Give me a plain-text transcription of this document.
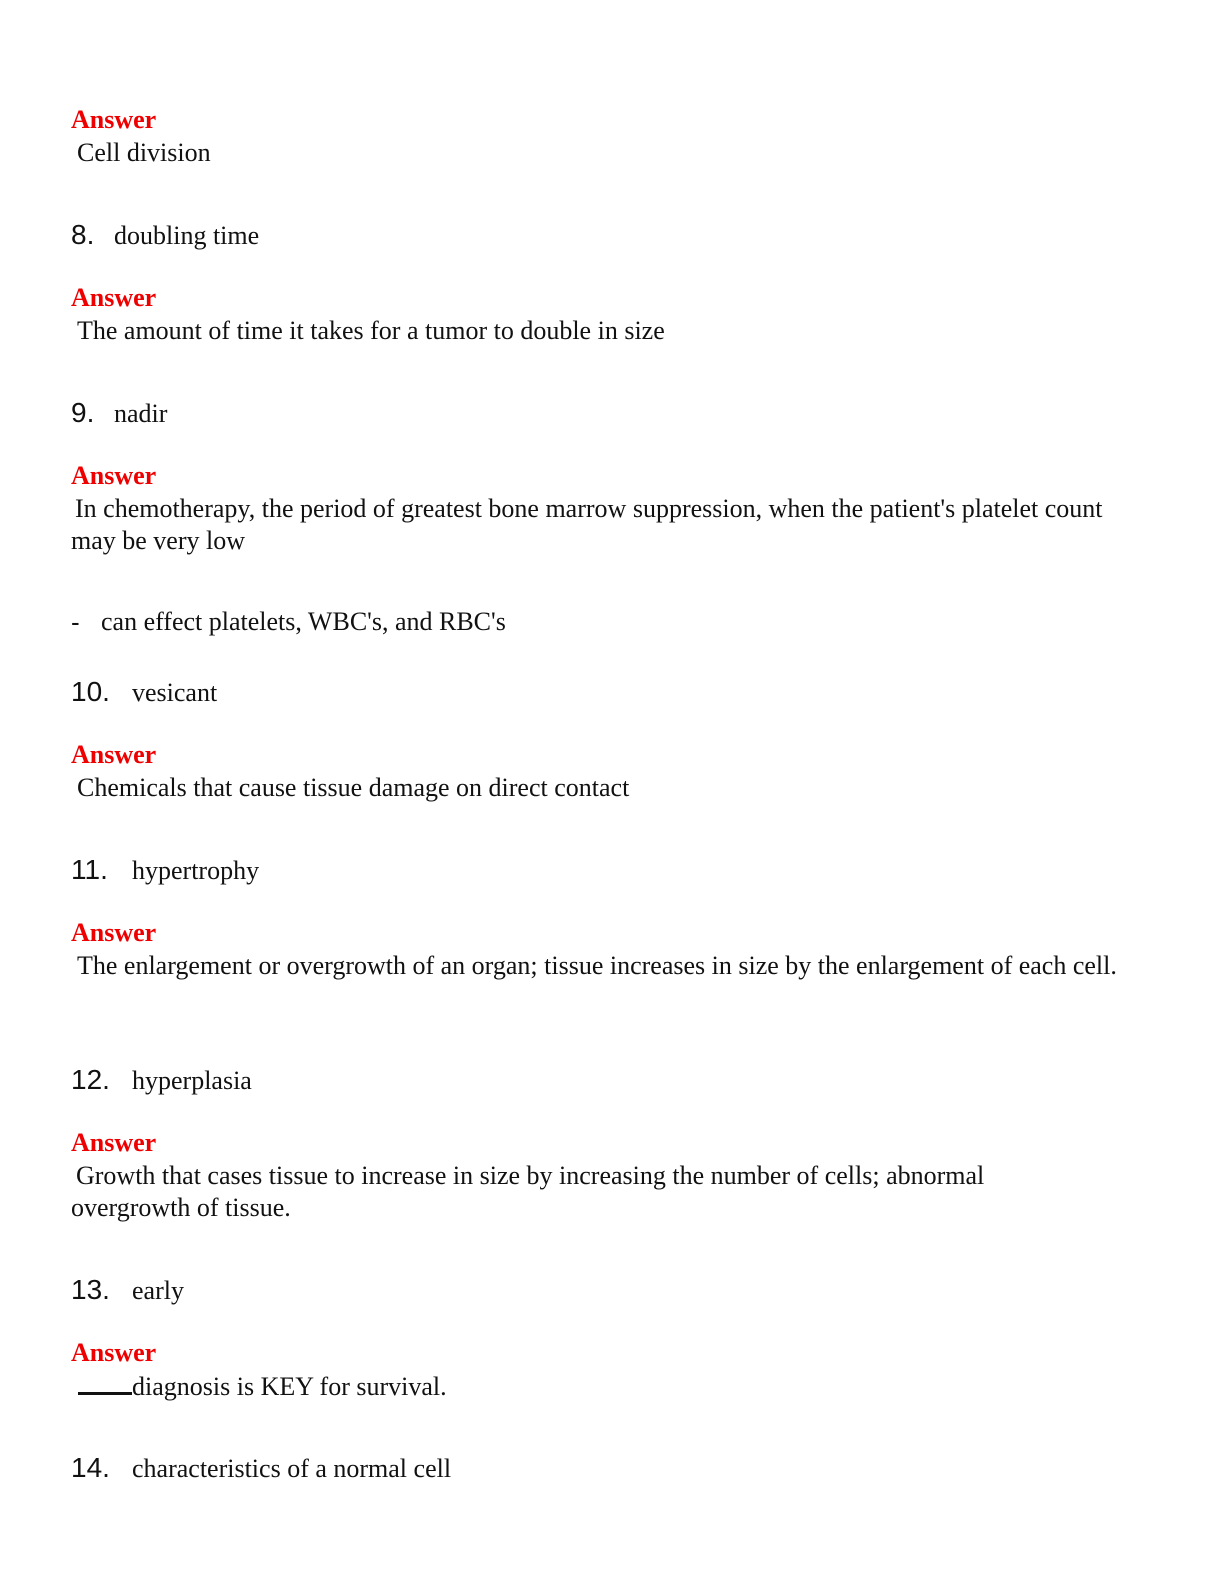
Answer
Cell division
8. doubling time
Answer
The amount of time it takes for a tumor to double in size
9. nadir
Answer
In chemotherapy, the period of greatest bone marrow suppression, when the patient's platelet count may be very low
- can effect platelets, WBC's, and RBC's
10. vesicant
Answer
Chemicals that cause tissue damage on direct contact
11. hypertrophy
Answer
The enlargement or overgrowth of an organ; tissue increases in size by the enlargement of each cell.
12. hyperplasia
Answer
Growth that cases tissue to increase in size by increasing the number of cells; abnormal overgrowth of tissue.
13. early
Answer
diagnosis is KEY for survival.
14. characteristics of a normal cell
